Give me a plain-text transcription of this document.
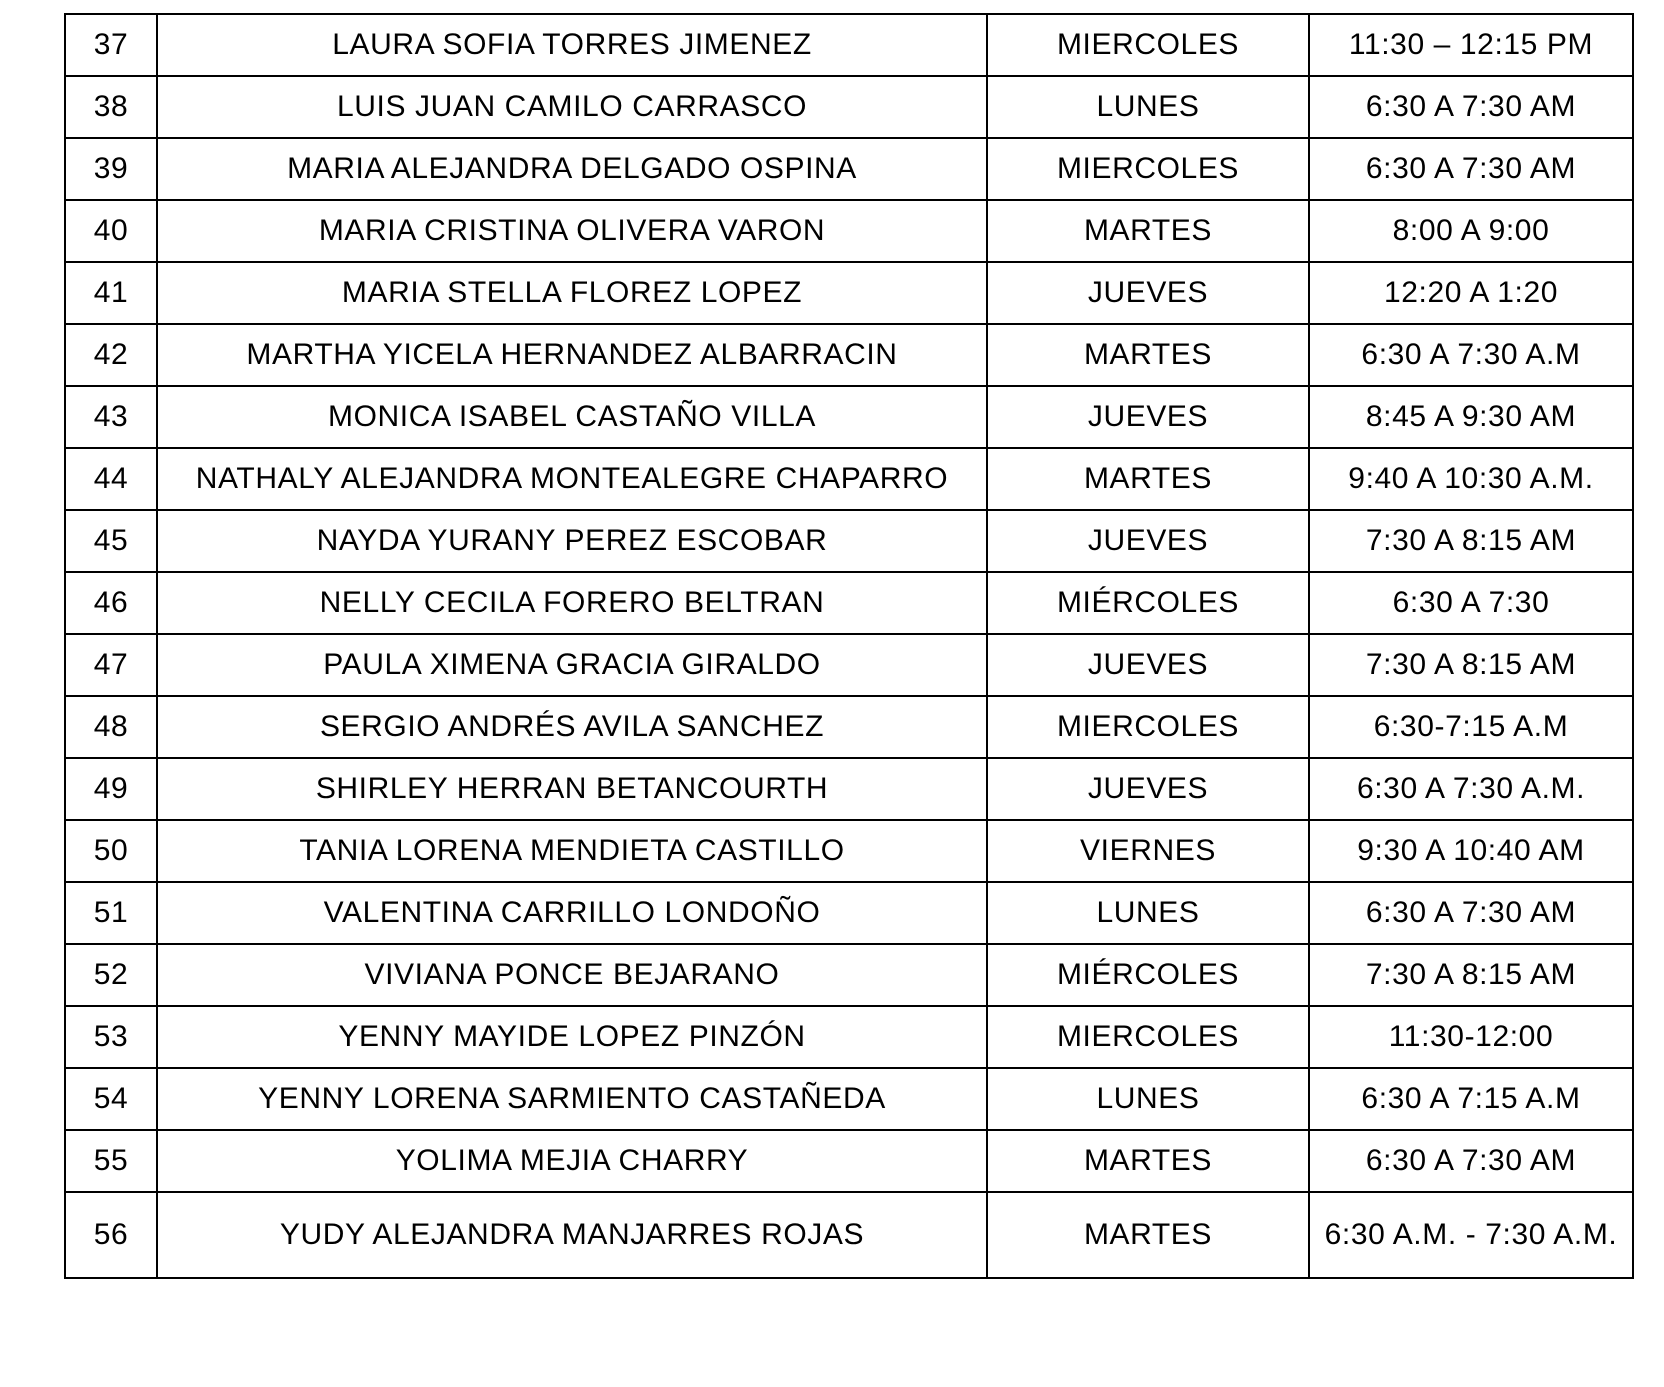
37	LAURA SOFIA TORRES JIMENEZ	MIERCOLES	11:30 – 12:15 PM
38	LUIS JUAN CAMILO CARRASCO	LUNES	6:30 A 7:30 AM
39	MARIA ALEJANDRA DELGADO OSPINA	MIERCOLES	6:30 A 7:30 AM
40	MARIA CRISTINA OLIVERA VARON	MARTES	8:00 A 9:00
41	MARIA STELLA FLOREZ LOPEZ	JUEVES	12:20 A 1:20
42	MARTHA YICELA HERNANDEZ ALBARRACIN	MARTES	6:30 A 7:30 A.M
43	MONICA ISABEL CASTAÑO VILLA	JUEVES	8:45 A 9:30 AM
44	NATHALY ALEJANDRA MONTEALEGRE CHAPARRO	MARTES	9:40 A 10:30 A.M.
45	NAYDA YURANY PEREZ ESCOBAR	JUEVES	7:30 A 8:15 AM
46	NELLY CECILA FORERO BELTRAN	MIÉRCOLES	6:30 A 7:30
47	PAULA XIMENA GRACIA GIRALDO	JUEVES	7:30 A 8:15 AM
48	SERGIO ANDRÉS AVILA SANCHEZ	MIERCOLES	6:30-7:15 A.M
49	SHIRLEY HERRAN BETANCOURTH	JUEVES	6:30 A 7:30 A.M.
50	TANIA LORENA MENDIETA CASTILLO	VIERNES	9:30 A 10:40 AM
51	VALENTINA CARRILLO LONDOÑO	LUNES	6:30 A 7:30 AM
52	VIVIANA PONCE BEJARANO	MIÉRCOLES	7:30 A 8:15 AM
53	YENNY MAYIDE LOPEZ PINZÓN	MIERCOLES	11:30-12:00
54	YENNY LORENA SARMIENTO CASTAÑEDA	LUNES	6:30 A 7:15 A.M
55	YOLIMA MEJIA CHARRY	MARTES	6:30 A 7:30 AM
56	YUDY ALEJANDRA MANJARRES ROJAS	MARTES	6:30 A.M. - 7:30 A.M.
